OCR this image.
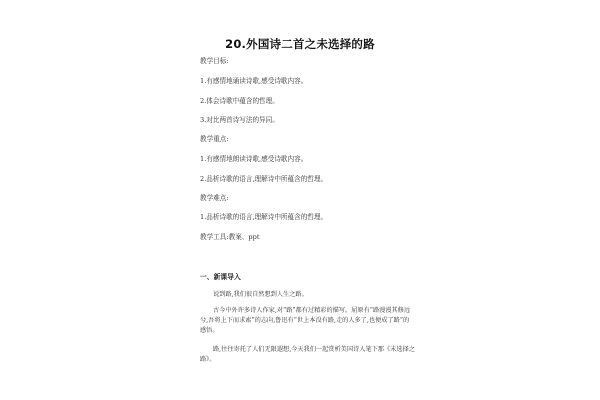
20.外国诗二首之未选择的路
教学目标:
1.有感情地诵读诗歌,感受诗歌内容。
2.体会诗歌中蕴含的哲理。
3.对比两首诗写法的异同。
教学重点:
1.有感情地朗读诗歌,感受诗歌内容。
2.品析诗歌的语言,理解诗中所蕴含的哲理。
教学难点:
1.品析诗歌的语言,理解诗中所蕴含的哲理。
教学工具:教案、ppt
一、新课导入
说到路,我们很自然想到人生之路。
古今中外许多诗人作家,对“路”都有过精彩的描写。屈原有“路漫漫其修远兮,吾将上下而求索”的志向,鲁迅有“世上本没有路,走的人多了,也便成了路”的感悟。
路,往往寄托了人们无限遐想,今天我们一起赏析美国诗人笔下那《未选择之路》。
